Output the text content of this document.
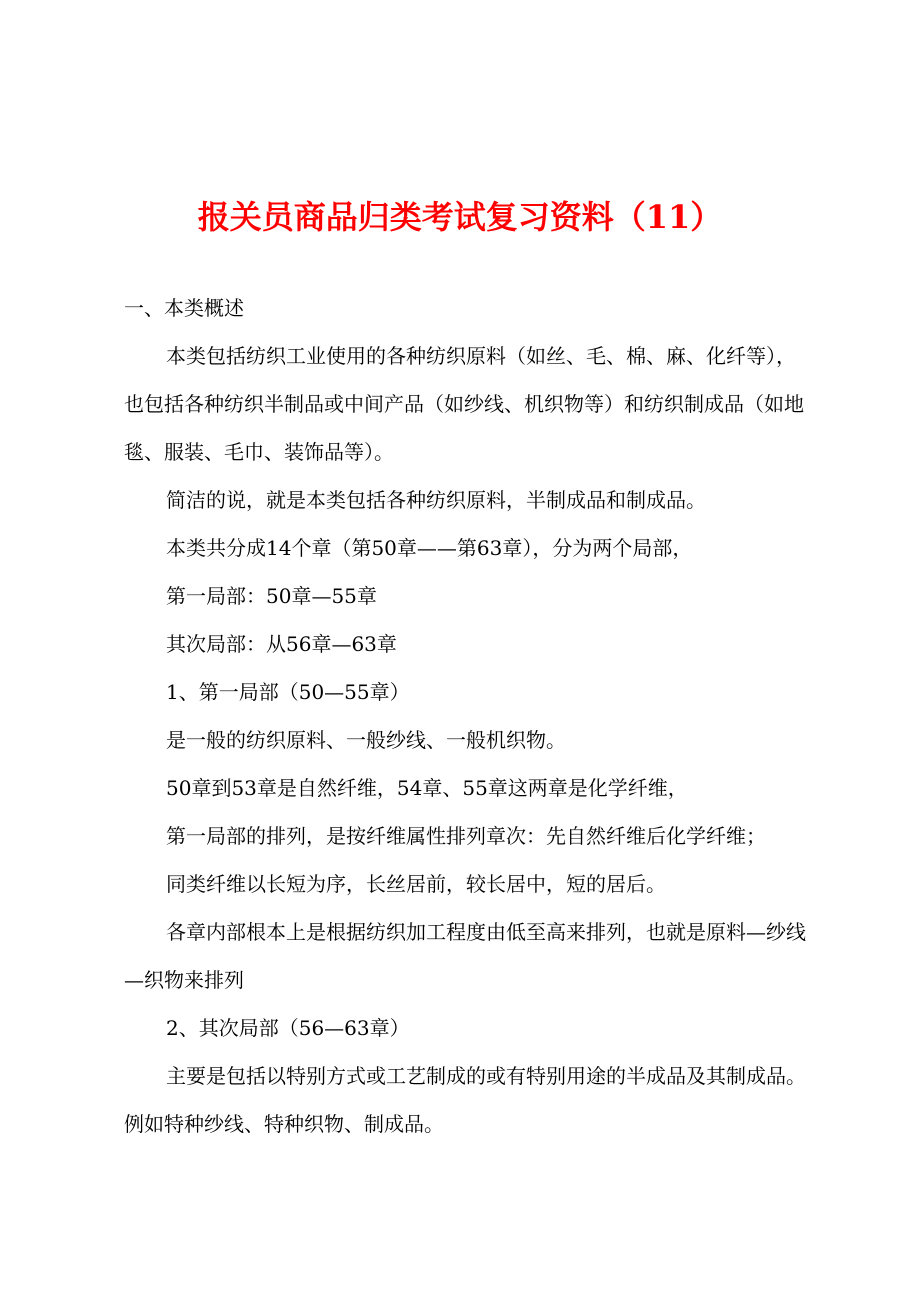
报关员商品归类考试复习资料（11）

一、本类概述

本类包括纺织工业使用的各种纺织原料（如丝、毛、棉、麻、化纤等），也包括各种纺织半制品或中间产品（如纱线、机织物等）和纺织制成品（如地毯、服装、毛巾、装饰品等）。

简洁的说，就是本类包括各种纺织原料，半制成品和制成品。

本类共分成14个章（第50章——第63章），分为两个局部，

第一局部：50章—55章

其次局部：从56章—63章

1、第一局部（50—55章）

是一般的纺织原料、一般纱线、一般机织物。

50章到53章是自然纤维，54章、55章这两章是化学纤维，

第一局部的排列，是按纤维属性排列章次：先自然纤维后化学纤维；

同类纤维以长短为序，长丝居前，较长居中，短的居后。

各章内部根本上是根据纺织加工程度由低至高来排列，也就是原料—纱线—织物来排列

2、其次局部（56—63章）

主要是包括以特别方式或工艺制成的或有特别用途的半成品及其制成品。例如特种纱线、特种织物、制成品。
